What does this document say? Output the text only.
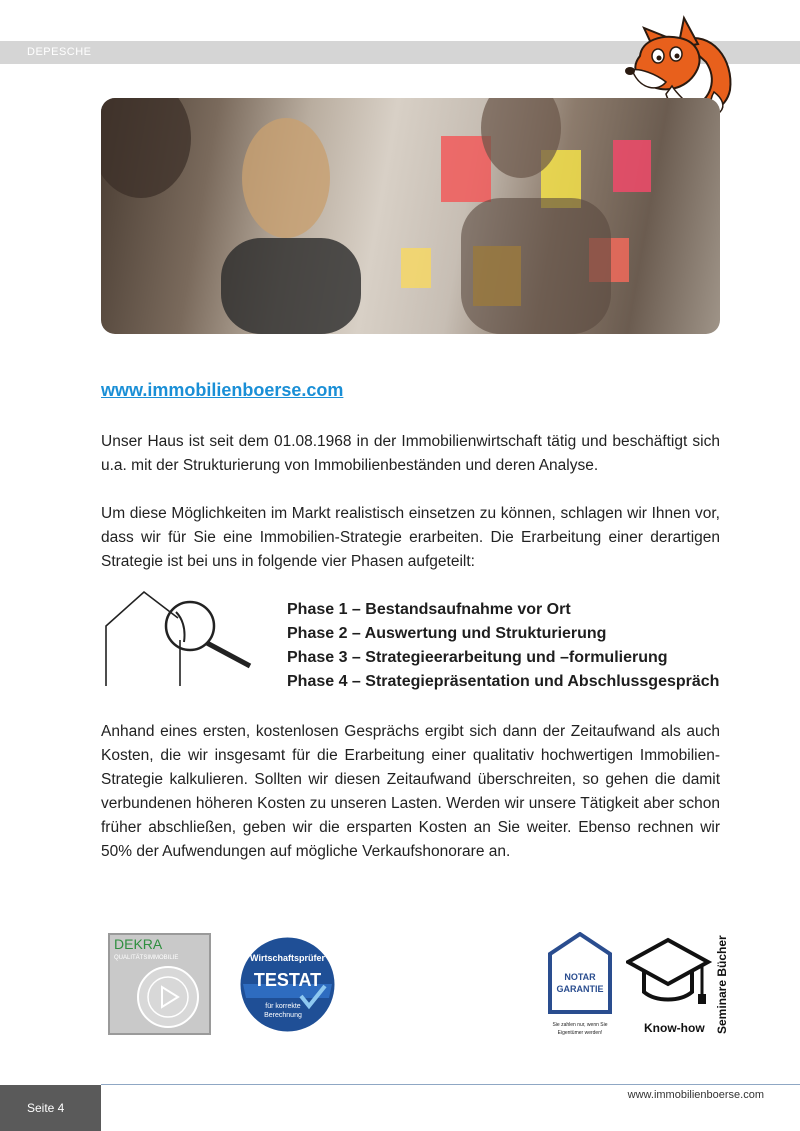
DEPESCHE
www.immobilienboerse.com

Unser Haus ist seit dem 01.08.1968 in der Immobilienwirtschaft tätig und beschäftigt sich u.a. mit der Strukturierung von Immobilienbeständen und deren Analyse.

Um diese Möglichkeiten im Markt realistisch einsetzen zu können, schlagen wir Ihnen vor, dass wir für Sie eine Immobilien-Strategie erarbeiten. Die Erarbeitung einer derartigen Strategie ist bei uns in folgende vier Phasen aufgeteilt:

Phase 1 – Bestandsaufnahme vor Ort
Phase 2 – Auswertung und Strukturierung
Phase 3 – Strategieerarbeitung und –formulierung
Phase 4 – Strategiepräsentation und Abschlussgespräch

Anhand eines ersten, kostenlosen Gesprächs ergibt sich dann der Zeitaufwand als auch Kosten, die wir insgesamt für die Erarbeitung einer qualitativ hochwertigen Immobilien-Strategie kalkulieren. Sollten wir diesen Zeitaufwand überschreiten, so gehen die damit verbundenen höheren Kosten zu unseren Lasten. Werden wir unsere Tätigkeit aber schon früher abschließen, geben wir die ersparten Kosten an Sie weiter. Ebenso rechnen wir 50% der Aufwendungen auf mögliche Verkaufshonorare an.

DEKRA
QUALITÄTSIMMOBILIE	Wirtschaftsprüfer
TESTAT
für korrekte
Berechnung
NOTAR
GARANTIE
Sie zahlen nur, wenn Sie
Eigentümer werden!	Know-how Seminare Bücher
Seite 4
www.immobilienboerse.com
